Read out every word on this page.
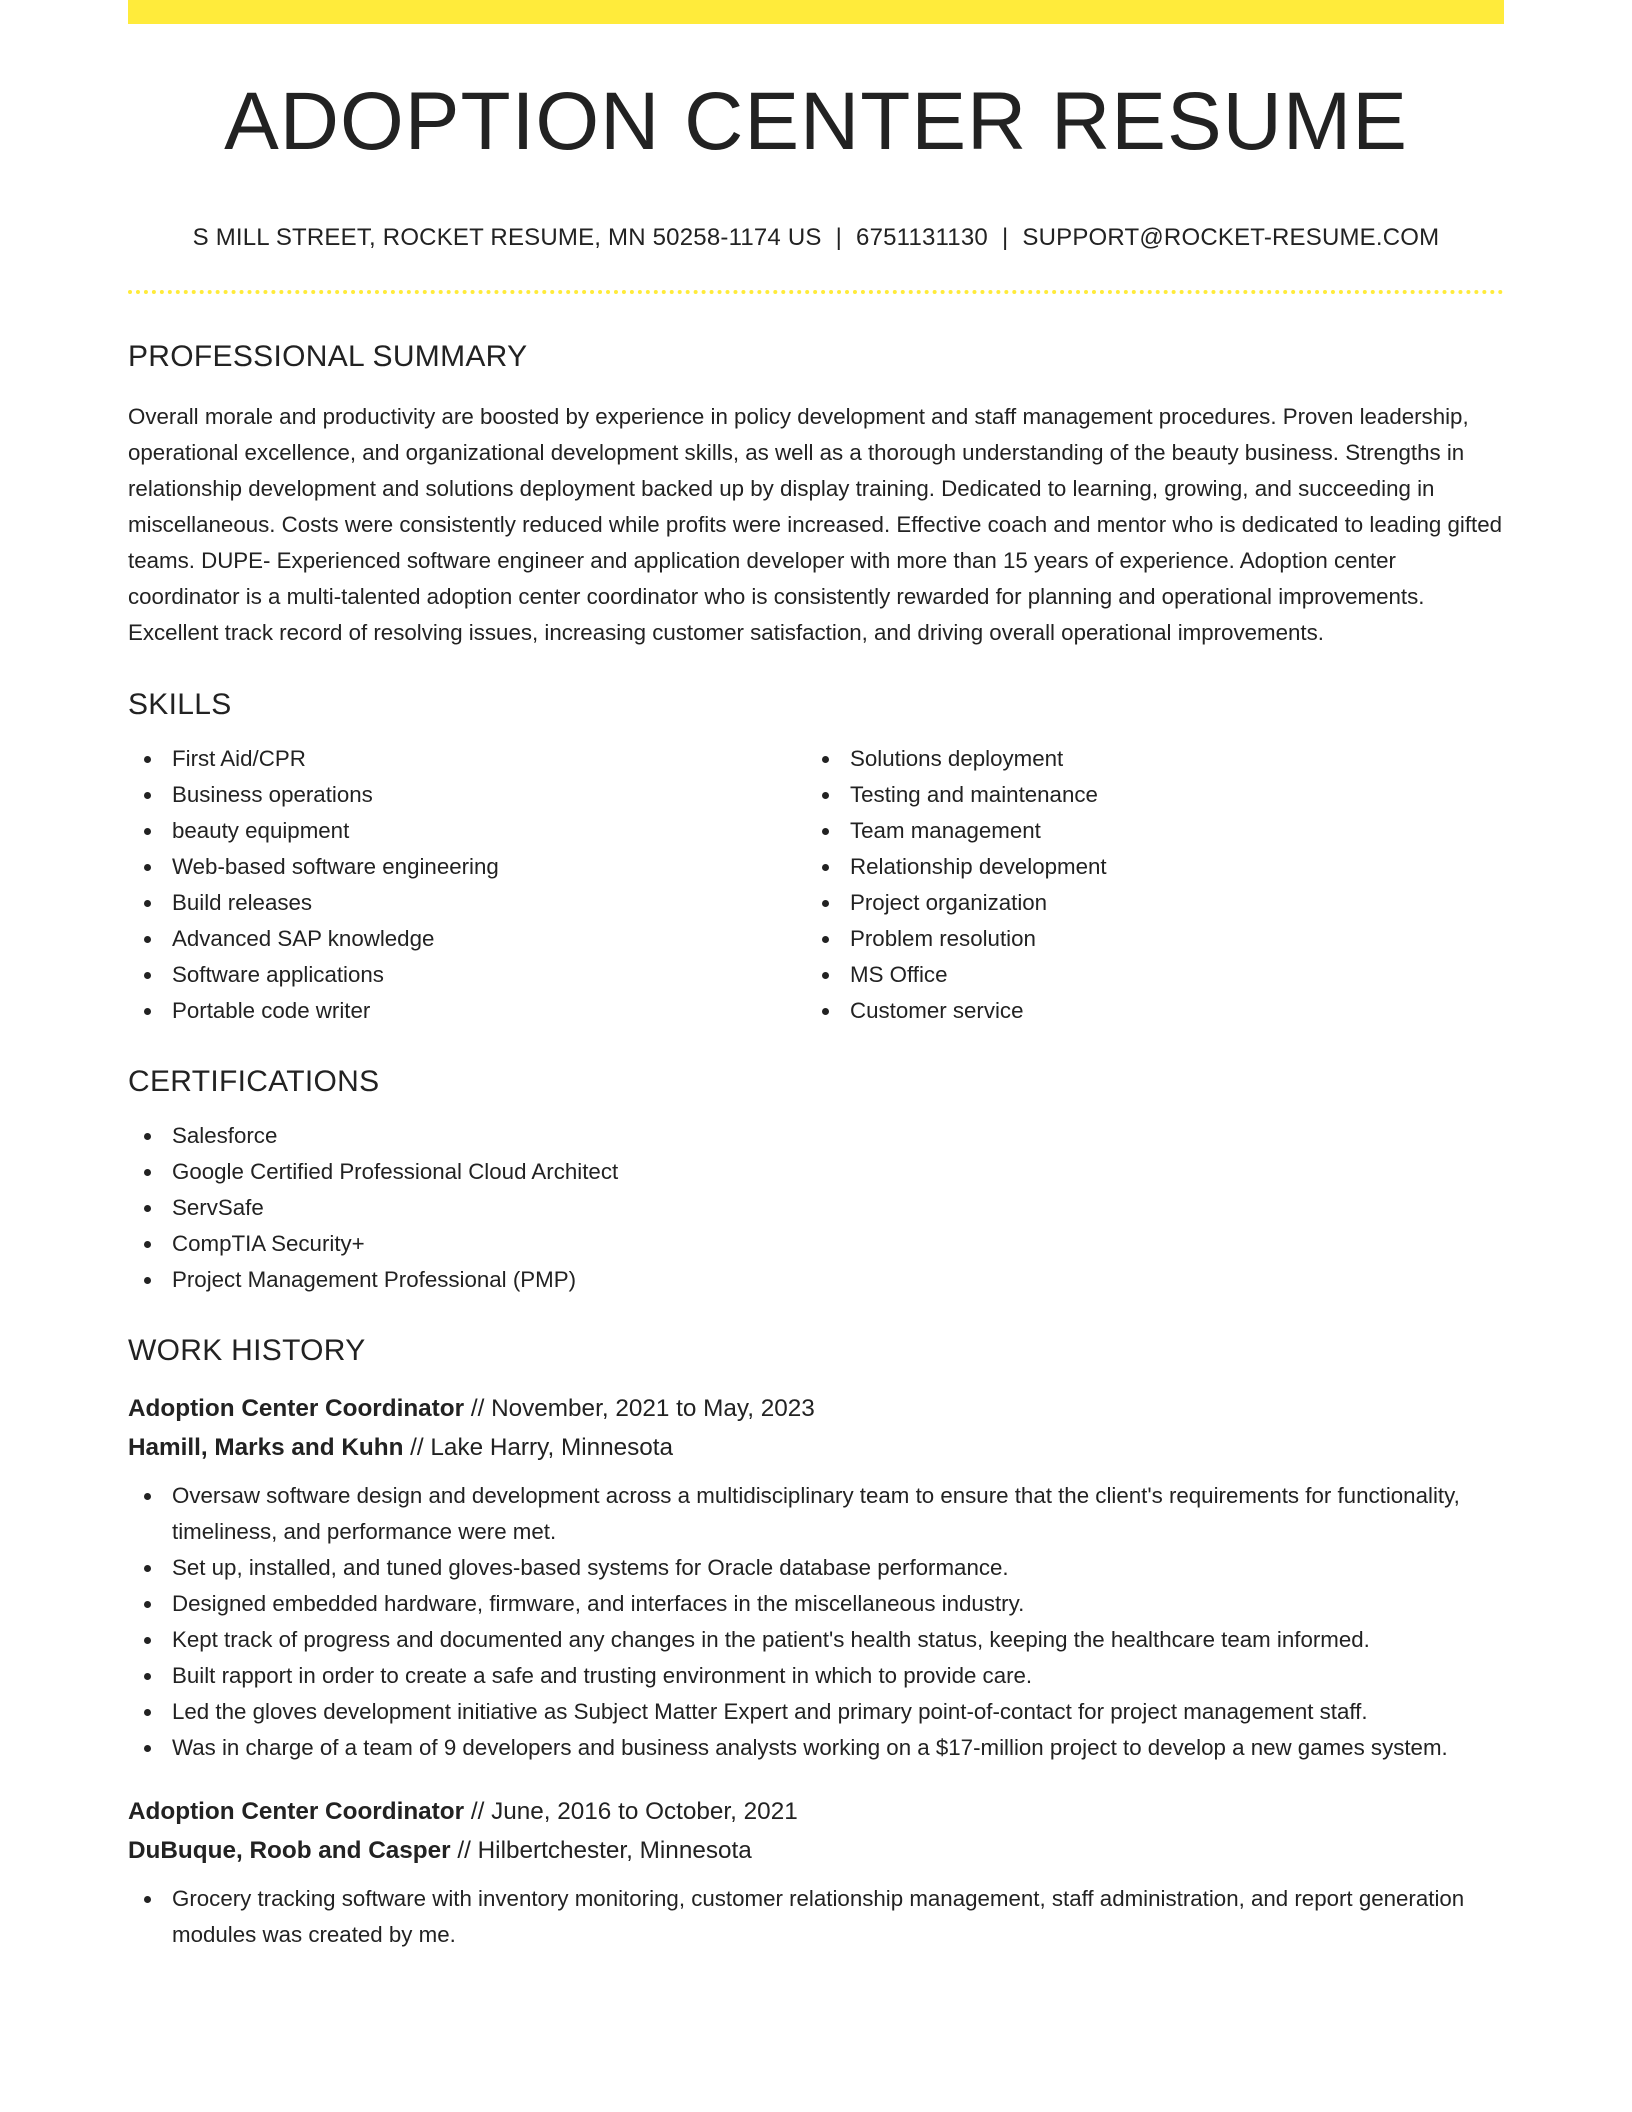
ADOPTION CENTER RESUME
S MILL STREET, ROCKET RESUME, MN 50258-1174 US | 6751131130 | SUPPORT@ROCKET-RESUME.COM
PROFESSIONAL SUMMARY

Overall morale and productivity are boosted by experience in policy development and staff management procedures. Proven leadership, operational excellence, and organizational development skills, as well as a thorough understanding of the beauty business. Strengths in relationship development and solutions deployment backed up by display training. Dedicated to learning, growing, and succeeding in miscellaneous. Costs were consistently reduced while profits were increased. Effective coach and mentor who is dedicated to leading gifted teams. DUPE- Experienced software engineer and application developer with more than 15 years of experience. Adoption center coordinator is a multi-talented adoption center coordinator who is consistently rewarded for planning and operational improvements. Excellent track record of resolving issues, increasing customer satisfaction, and driving overall operational improvements.

SKILLS
First Aid/CPR
Business operations
beauty equipment
Web-based software engineering
Build releases
Advanced SAP knowledge
Software applications
Portable code writer
Solutions deployment
Testing and maintenance
Team management
Relationship development
Project organization
Problem resolution
MS Office
Customer service
CERTIFICATIONS
Salesforce
Google Certified Professional Cloud Architect
ServSafe
CompTIA Security+
Project Management Professional (PMP)
WORK HISTORY
Adoption Center Coordinator // November, 2021 to May, 2023
Hamill, Marks and Kuhn // Lake Harry, Minnesota
Oversaw software design and development across a multidisciplinary team to ensure that the client's requirements for functionality, timeliness, and performance were met.
Set up, installed, and tuned gloves-based systems for Oracle database performance.
Designed embedded hardware, firmware, and interfaces in the miscellaneous industry.
Kept track of progress and documented any changes in the patient's health status, keeping the healthcare team informed.
Built rapport in order to create a safe and trusting environment in which to provide care.
Led the gloves development initiative as Subject Matter Expert and primary point-of-contact for project management staff.
Was in charge of a team of 9 developers and business analysts working on a $17-million project to develop a new games system.
Adoption Center Coordinator // June, 2016 to October, 2021
DuBuque, Roob and Casper // Hilbertchester, Minnesota
Grocery tracking software with inventory monitoring, customer relationship management, staff administration, and report generation modules was created by me.
